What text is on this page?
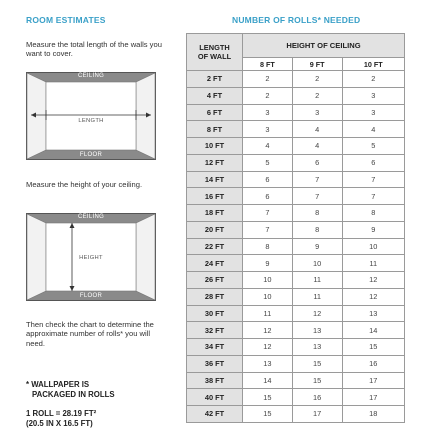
ROOM ESTIMATES	NUMBER OF ROLLS* NEEDED
Measure the total length of the walls you want to cover.
CEILING
LENGTH
FLOOR
Measure the height of your ceiling.
CEILING
HEIGHT
FLOOR
Then check the chart to determine the approximate number of rolls* you will need.
* WALLPAPER IS
PACKAGED IN ROLLS
1 ROLL = 28.19 FT²
(20.5 IN X 16.5 FT)
LENGTH
OF WALL	HEIGHT OF CEILING		
	8 FT	9 FT	10 FT
2 FT	2	2	2
4 FT	2	2	3
6 FT	3	3	3
8 FT	3	4	4
10 FT	4	4	5
12 FT	5	6	6
14 FT	6	7	7
16 FT	6	7	7
18 FT	7	8	8
20 FT	7	8	9
22 FT	8	9	10
24 FT	9	10	11
26 FT	10	11	12
28 FT	10	11	12
30 FT	11	12	13
32 FT	12	13	14
34 FT	12	13	15
36 FT	13	15	16
38 FT	14	15	17
40 FT	15	16	17
42 FT	15	17	18
